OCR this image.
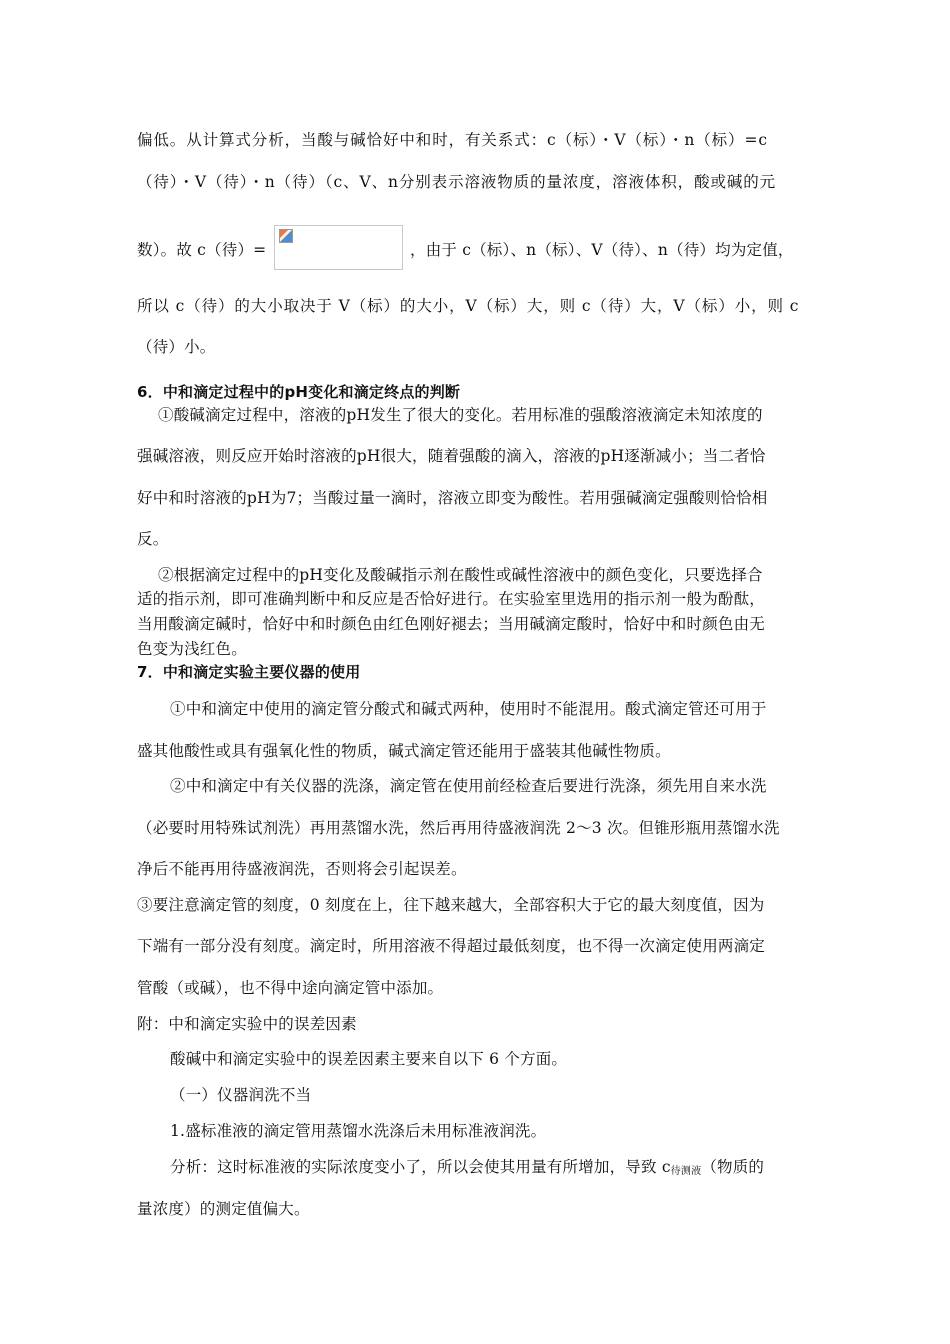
偏低。从计算式分析，当酸与碱恰好中和时，有关系式：c（标）・V（标）・n（标）=c
（待）・V（待）・n（待）（c、V、n分别表示溶液物质的量浓度，溶液体积，酸或碱的元
数）。故 c（待）=	，由于 c（标）、n（标）、V（待）、n（待）均为定值，
所以 c（待）的大小取决于 V（标）的大小，V（标）大，则 c（待）大，V（标）小，则 c
（待）小。
6．中和滴定过程中的pH变化和滴定终点的判断
①酸碱滴定过程中，溶液的pH发生了很大的变化。若用标准的强酸溶液滴定未知浓度的
强碱溶液，则反应开始时溶液的pH很大，随着强酸的滴入，溶液的pH逐渐减小；当二者恰
好中和时溶液的pH为7；当酸过量一滴时，溶液立即变为酸性。若用强碱滴定强酸则恰恰相
反。
②根据滴定过程中的pH变化及酸碱指示剂在酸性或碱性溶液中的颜色变化，只要选择合
适的指示剂，即可准确判断中和反应是否恰好进行。在实验室里选用的指示剂一般为酚酞，
当用酸滴定碱时，恰好中和时颜色由红色刚好褪去；当用碱滴定酸时，恰好中和时颜色由无
色变为浅红色。
7．中和滴定实验主要仪器的使用
①中和滴定中使用的滴定管分酸式和碱式两种，使用时不能混用。酸式滴定管还可用于
盛其他酸性或具有强氧化性的物质，碱式滴定管还能用于盛装其他碱性物质。
②中和滴定中有关仪器的洗涤，滴定管在使用前经检查后要进行洗涤，须先用自来水洗
（必要时用特殊试剂洗）再用蒸馏水洗，然后再用待盛液润洗 2～3 次。但锥形瓶用蒸馏水洗
净后不能再用待盛液润洗，否则将会引起误差。
③要注意滴定管的刻度，0 刻度在上，往下越来越大，全部容积大于它的最大刻度值，因为
下端有一部分没有刻度。滴定时，所用溶液不得超过最低刻度，也不得一次滴定使用两滴定
管酸（或碱），也不得中途向滴定管中添加。
附：中和滴定实验中的误差因素
酸碱中和滴定实验中的误差因素主要来自以下 6 个方面。
（一）仪器润洗不当
1.盛标准液的滴定管用蒸馏水洗涤后未用标准液润洗。
分析：这时标准液的实际浓度变小了，所以会使其用量有所增加，导致 $c_{待测液}$（物质的
量浓度）的测定值偏大。
